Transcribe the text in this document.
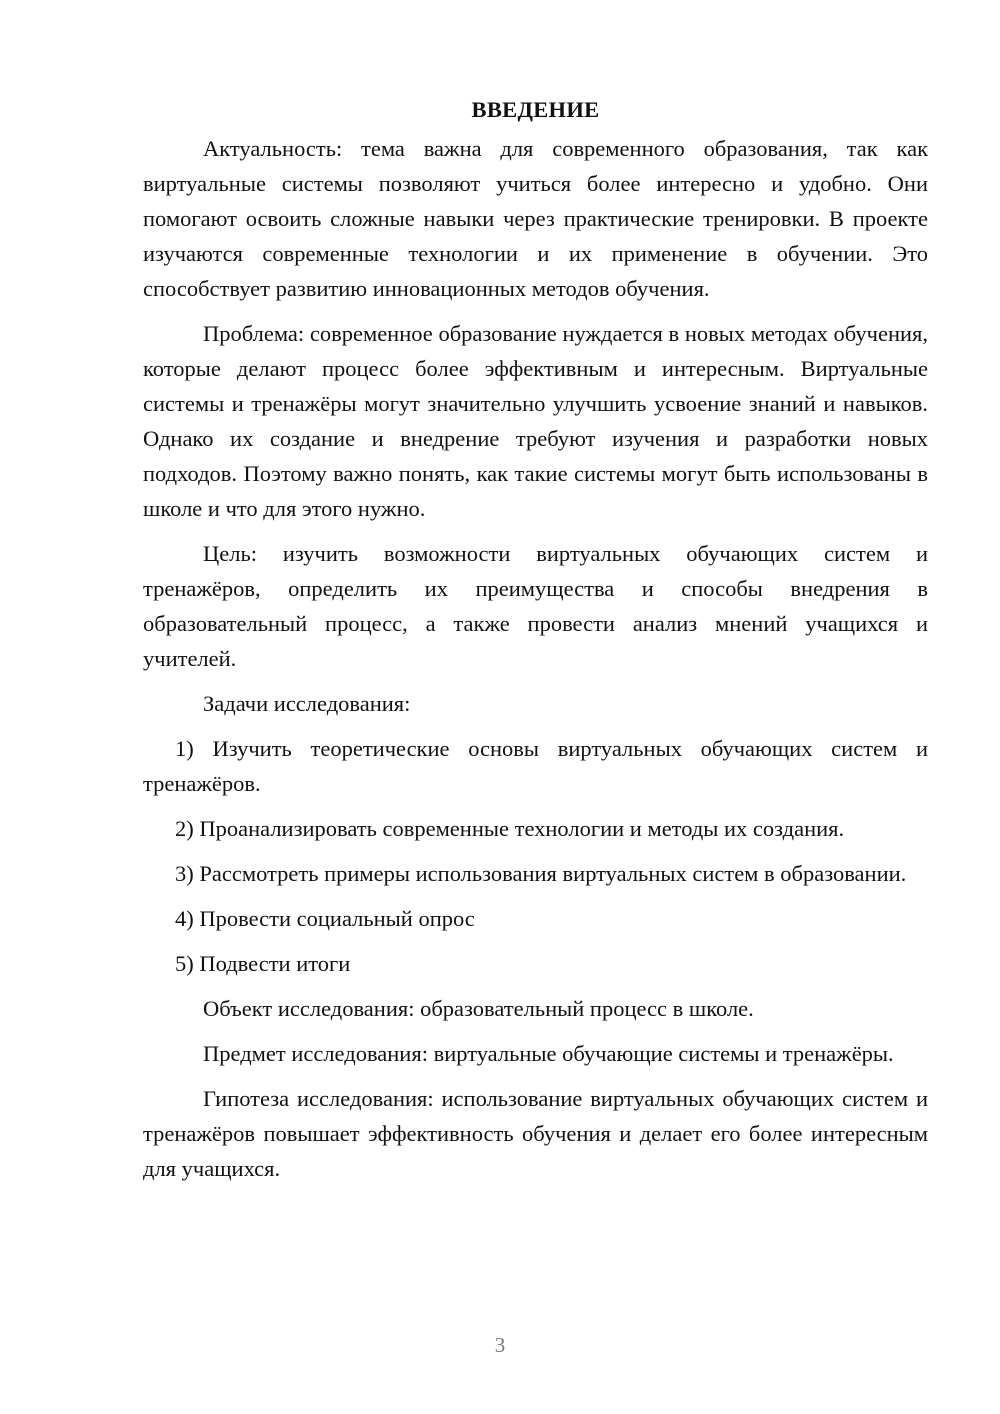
ВВЕДЕНИЕ

Актуальность: тема важна для современного образования, так как виртуальные системы позволяют учиться более интересно и удобно. Они помогают освоить сложные навыки через практические тренировки. В проекте изучаются современные технологии и их применение в обучении. Это способствует развитию инновационных методов обучения.

Проблема: современное образование нуждается в новых методах обучения, которые делают процесс более эффективным и интересным. Виртуальные системы и тренажёры могут значительно улучшить усвоение знаний и навыков. Однако их создание и внедрение требуют изучения и разработки новых подходов. Поэтому важно понять, как такие системы могут быть использованы в школе и что для этого нужно.

Цель: изучить возможности виртуальных обучающих систем и тренажёров, определить их преимущества и способы внедрения в образовательный процесс, а также провести анализ мнений учащихся и учителей.

Задачи исследования:

1) Изучить теоретические основы виртуальных обучающих систем и тренажёров.

2) Проанализировать современные технологии и методы их создания.

3) Рассмотреть примеры использования виртуальных систем в образовании.

4) Провести социальный опрос

5) Подвести итоги

Объект исследования: образовательный процесс в школе.

Предмет исследования: виртуальные обучающие системы и тренажёры.

Гипотеза исследования: использование виртуальных обучающих систем и тренажёров повышает эффективность обучения и делает его более интересным для учащихся.

3
